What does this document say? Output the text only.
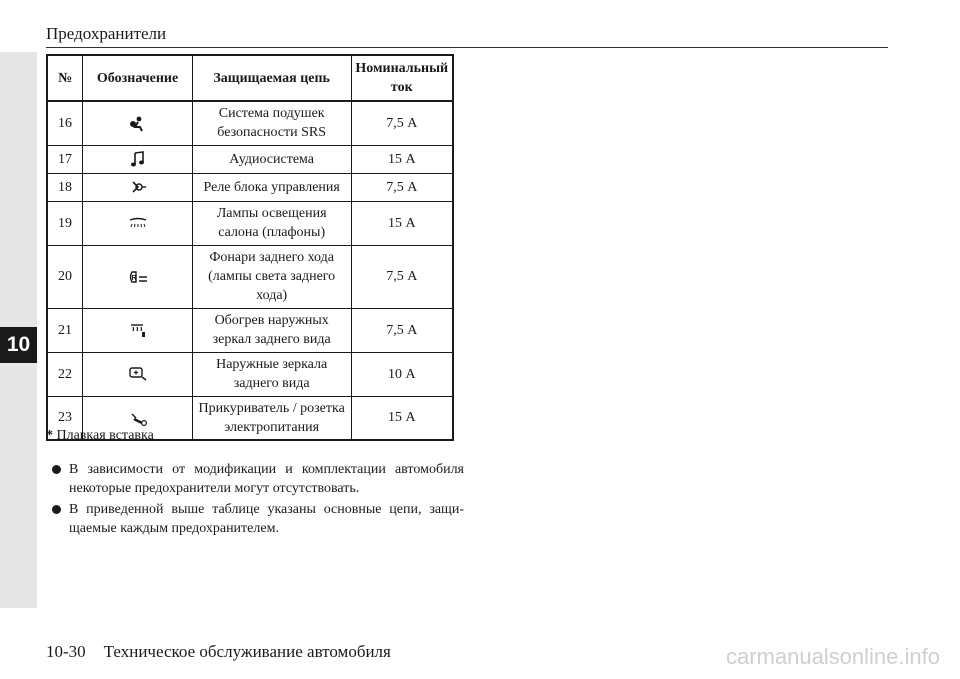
10
Предохранители
№	Обозначение	Защищаемая цепь	Номинальный ток
16		Система подушек безопасности SRS	7,5 А
17		Аудиосистема	15 А
18		Реле блока управления	7,5 А
19		Лампы освещения салона (плафоны)	15 А
20	R	Фонари заднего хода (лампы света заднего хода)	7,5 А
21		Обогрев наружных зеркал заднего вида	7,5 А
22		Наружные зеркала заднего вида	10 А
23		Прикуриватель / розетка электропитания	15 А
* Плавкая вставка
В зависимости от модификации и комплектации автомобиля некоторые предохранители могут отсутствовать.
В приведенной выше таблице указаны основные цепи, защи-щаемые каждым предохранителем.
10-30 Техническое обслуживание автомобиля	carmanualsonline.info
